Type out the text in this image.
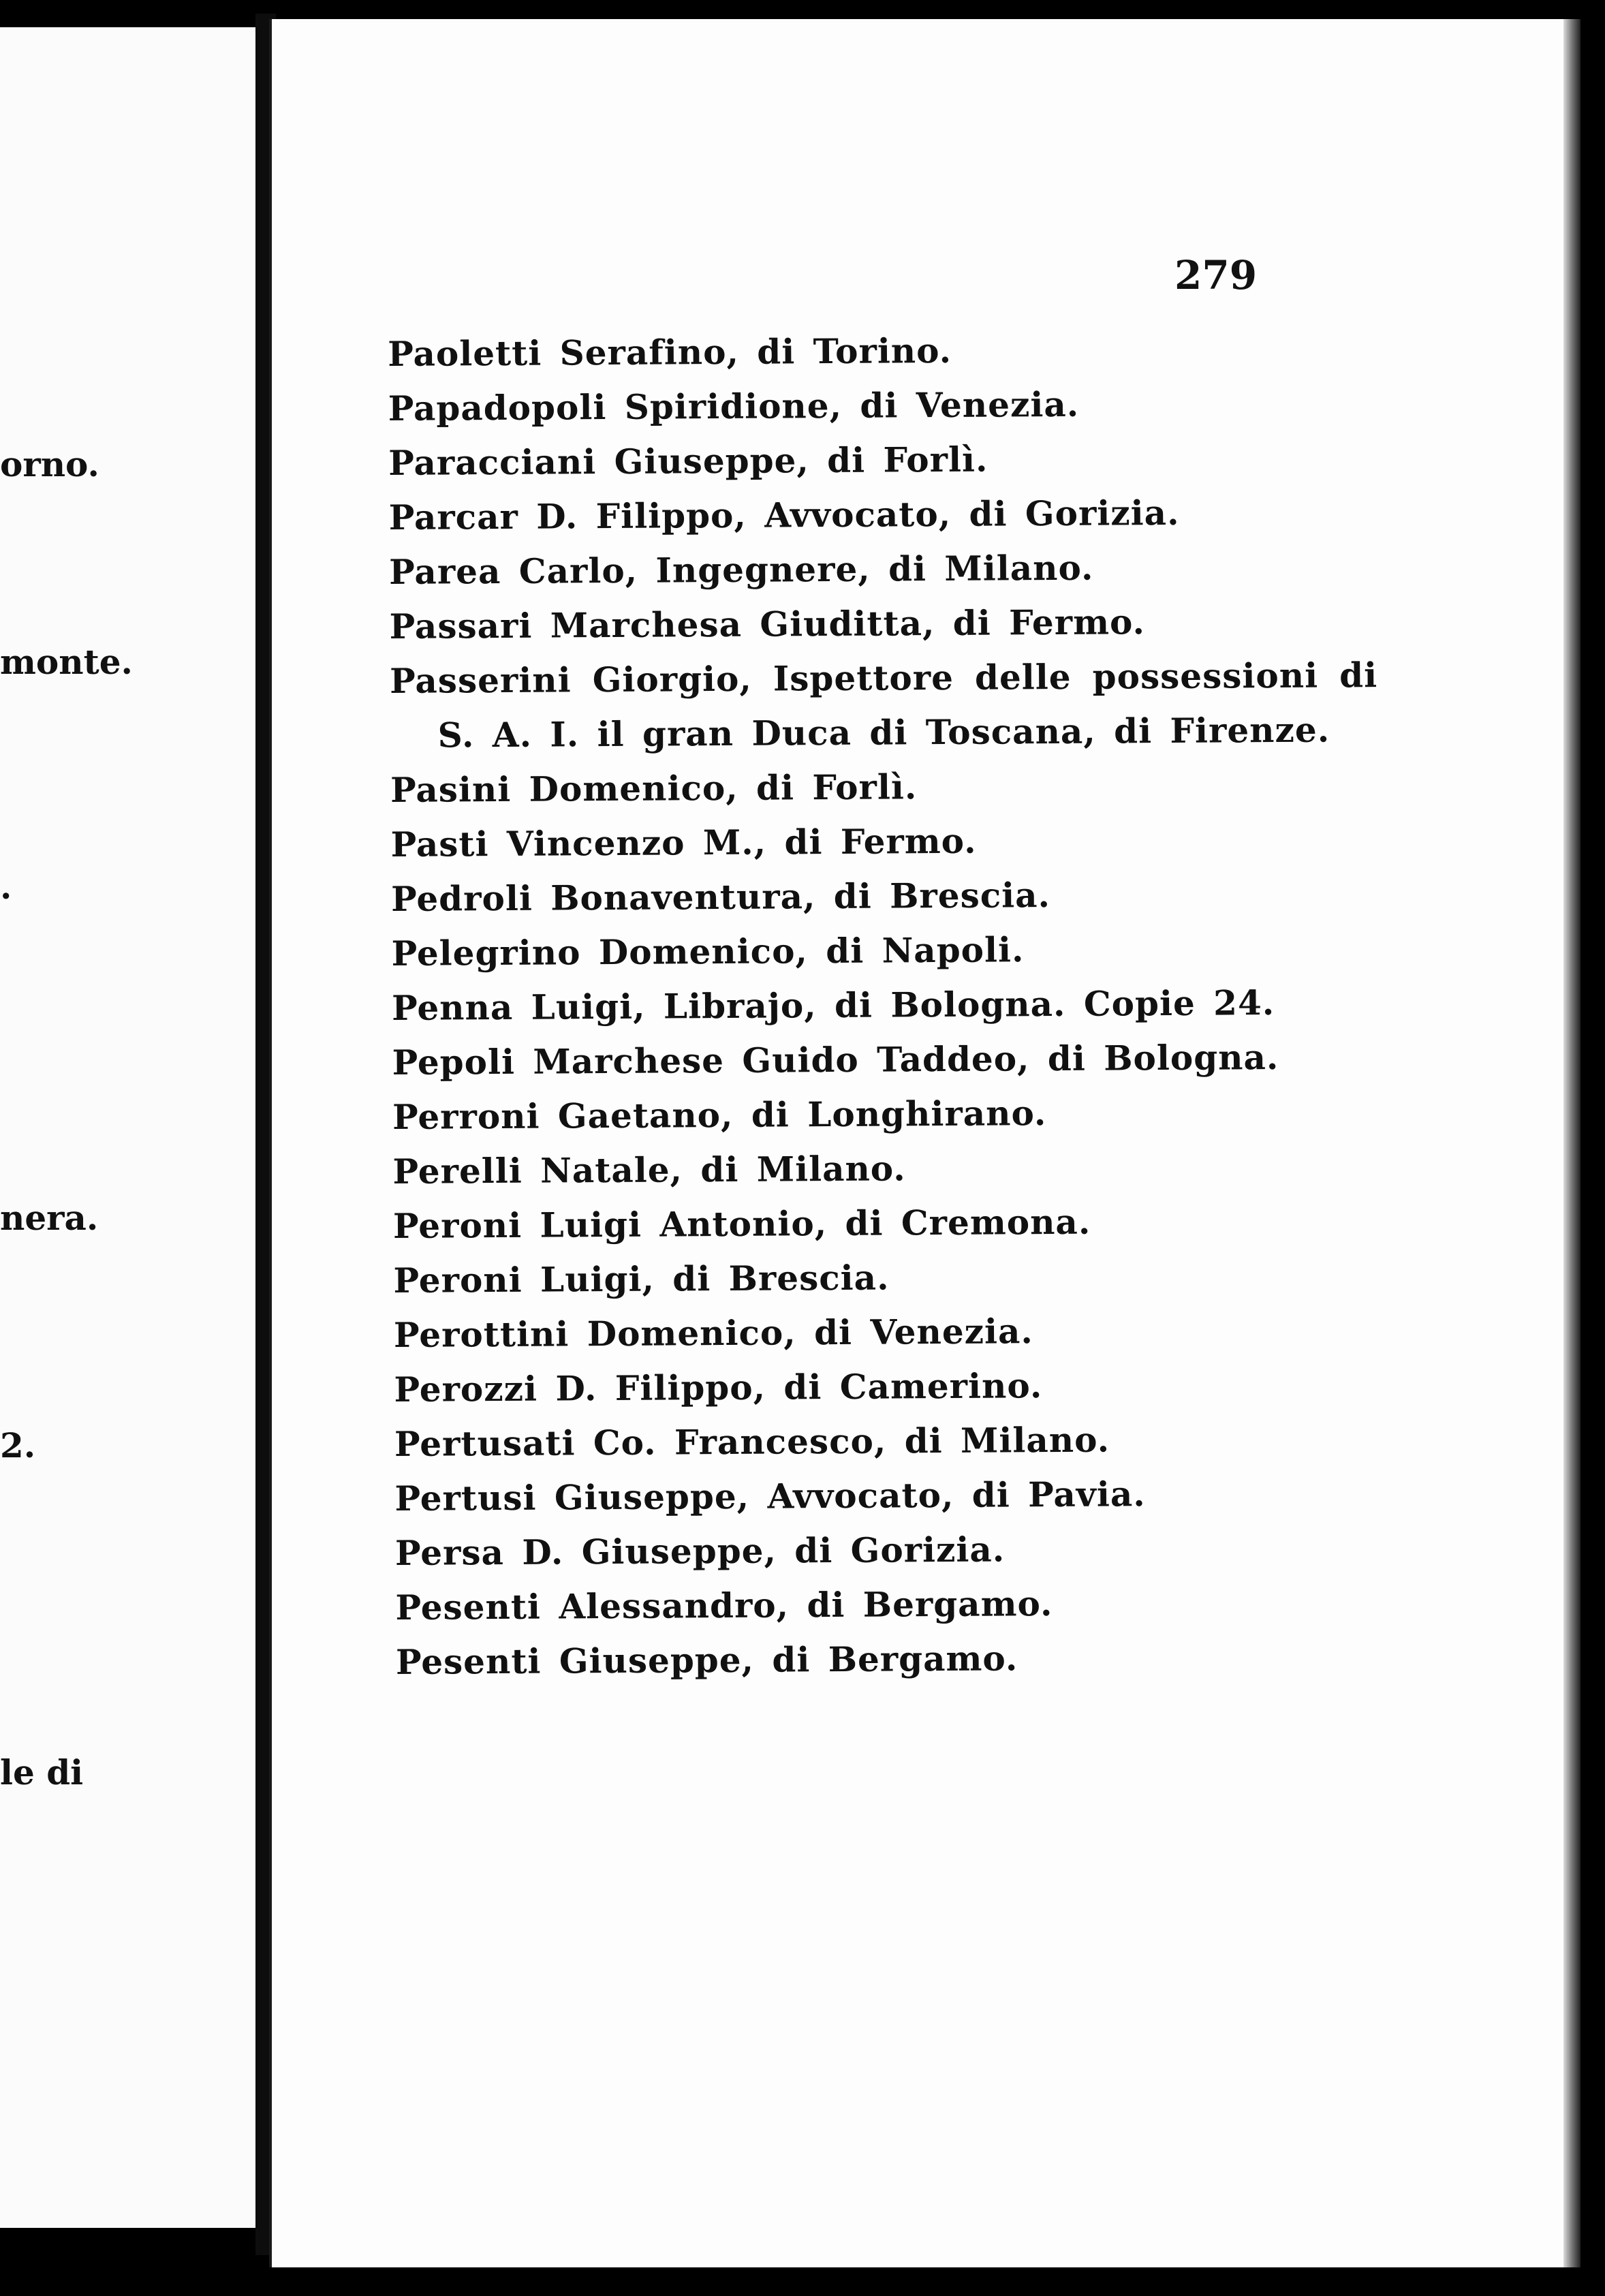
orno.
monte.
.
nera.
2.
le di
279
Paoletti Serafino, di Torino.
Papadopoli Spiridione, di Venezia.
Paracciani Giuseppe, di Forlì.
Parcar D. Filippo, Avvocato, di Gorizia.
Parea Carlo, Ingegnere, di Milano.
Passari Marchesa Giuditta, di Fermo.
Passerini Giorgio, Ispettore delle possessioni di S. A. I. il gran Duca di Toscana, di Firenze.
Pasini Domenico, di Forlì.
Pasti Vincenzo M., di Fermo.
Pedroli Bonaventura, di Brescia.
Pelegrino Domenico, di Napoli.
Penna Luigi, Librajo, di Bologna. Copie 24.
Pepoli Marchese Guido Taddeo, di Bologna.
Perroni Gaetano, di Longhirano.
Perelli Natale, di Milano.
Peroni Luigi Antonio, di Cremona.
Peroni Luigi, di Brescia.
Perottini Domenico, di Venezia.
Perozzi D. Filippo, di Camerino.
Pertusati Co. Francesco, di Milano.
Pertusi Giuseppe, Avvocato, di Pavia.
Persa D. Giuseppe, di Gorizia.
Pesenti Alessandro, di Bergamo.
Pesenti Giuseppe, di Bergamo.
